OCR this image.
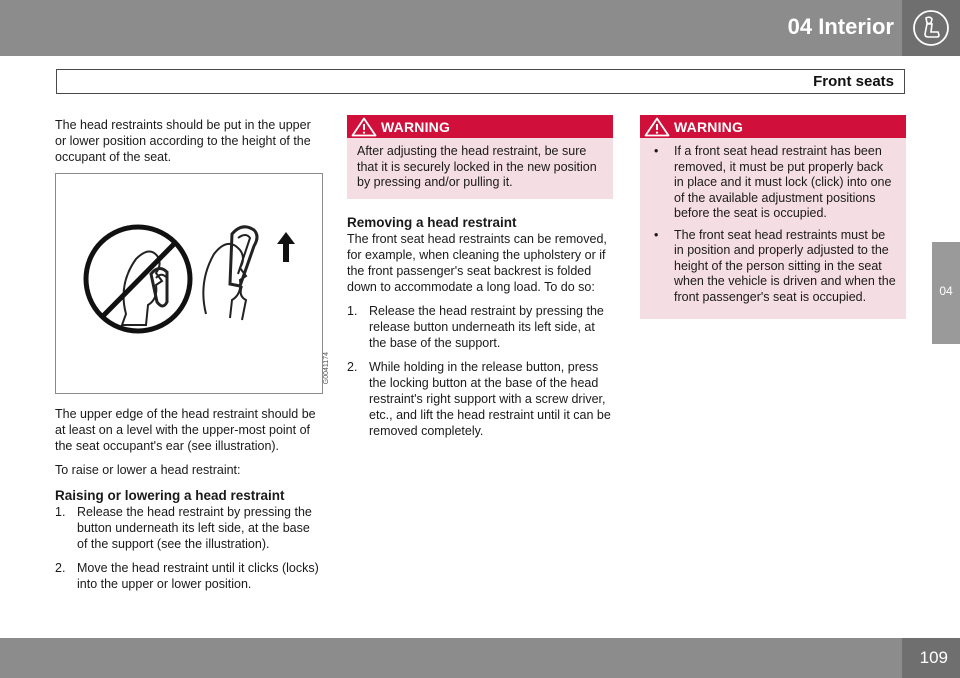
04 Interior
Front seats
04

The head restraints should be put in the upper or lower position according to the height of the occupant of the seat.

G0041174

The upper edge of the head restraint should be at least on a level with the upper-most point of the seat occupant's ear (see illustration).

To raise or lower a head restraint:

Raising or lowering a head restraint
1. Release the head restraint by pressing the button underneath its left side, at the base of the support (see the illustration).
2. Move the head restraint until it clicks (locks) into the upper or lower position.
WARNING
After adjusting the head restraint, be sure that it is securely locked in the new position by pressing and/or pulling it.
Removing a head restraint

The front seat head restraints can be removed, for example, when cleaning the upholstery or if the front passenger's seat backrest is folded down to accommodate a long load. To do so:

1. Release the head restraint by pressing the release button underneath its left side, at the base of the support.
2. While holding in the release button, press the locking button at the base of the head restraint's right support with a screw driver, etc., and lift the head restraint until it can be removed completely.
WARNING
• If a front seat head restraint has been removed, it must be put properly back in place and it must lock (click) into one of the available adjustment positions before the seat is occupied.
• The front seat head restraints must be in position and properly adjusted to the height of the person sitting in the seat when the vehicle is driven and when the front passenger's seat is occupied.
109
